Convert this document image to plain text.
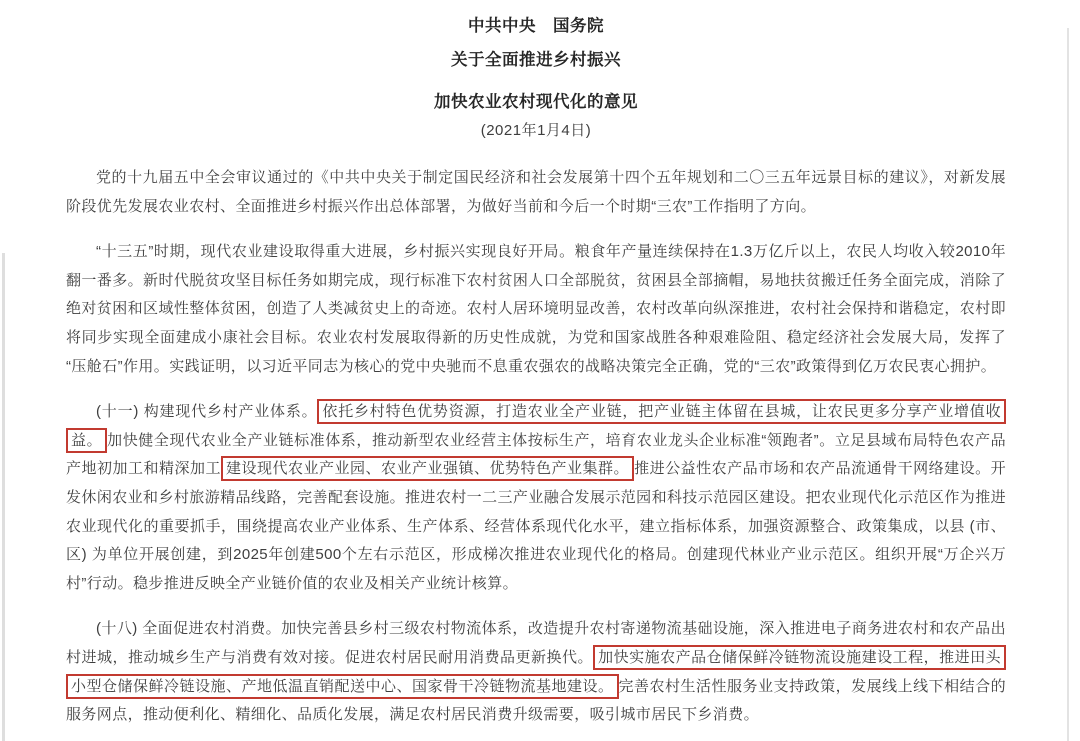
中共中央　国务院
关于全面推进乡村振兴
加快农业农村现代化的意见
(2021年1月4日)

党的十九届五中全会审议通过的《中共中央关于制定国民经济和社会发展第十四个五年规划和二〇三五年远景目标的建议》，对新发展阶段优先发展农业农村、全面推进乡村振兴作出总体部署，为做好当前和今后一个时期“三农”工作指明了方向。

“十三五”时期，现代农业建设取得重大进展，乡村振兴实现良好开局。粮食年产量连续保持在1.3万亿斤以上，农民人均收入较2010年翻一番多。新时代脱贫攻坚目标任务如期完成，现行标准下农村贫困人口全部脱贫，贫困县全部摘帽，易地扶贫搬迁任务全面完成，消除了绝对贫困和区域性整体贫困，创造了人类减贫史上的奇迹。农村人居环境明显改善，农村改革向纵深推进，农村社会保持和谐稳定，农村即将同步实现全面建成小康社会目标。农业农村发展取得新的历史性成就，为党和国家战胜各种艰难险阻、稳定经济社会发展大局，发挥了“压舱石”作用。实践证明，以习近平同志为核心的党中央驰而不息重农强农的战略决策完全正确，党的“三农”政策得到亿万农民衷心拥护。

(十一) 构建现代乡村产业体系。 依托乡村特色优势资源，打造农业全产业链，把产业链主体留在县城，让农民更多分享产业增值收益。 加快健全现代农业全产业链标准体系，推动新型农业经营主体按标生产，培育农业龙头企业标准“领跑者”。立足县域布局特色农产品产地初加工和精深加工 建设现代农业产业园、农业产业强镇、优势特色产业集群。 推进公益性农产品市场和农产品流通骨干网络建设。开发休闲农业和乡村旅游精品线路，完善配套设施。推进农村一二三产业融合发展示范园和科技示范园区建设。把农业现代化示范区作为推进农业现代化的重要抓手，围绕提高农业产业体系、生产体系、经营体系现代化水平，建立指标体系，加强资源整合、政策集成，以县 (市、区) 为单位开展创建，到2025年创建500个左右示范区，形成梯次推进农业现代化的格局。创建现代林业产业示范区。组织开展“万企兴万村”行动。稳步推进反映全产业链价值的农业及相关产业统计核算。

(十八) 全面促进农村消费。加快完善县乡村三级农村物流体系，改造提升农村寄递物流基础设施，深入推进电子商务进农村和农产品出村进城，推动城乡生产与消费有效对接。促进农村居民耐用消费品更新换代。 加快实施农产品仓储保鲜冷链物流设施建设工程，推进田头小型仓储保鲜冷链设施、产地低温直销配送中心、国家骨干冷链物流基地建设。 完善农村生活性服务业支持政策，发展线上线下相结合的服务网点，推动便利化、精细化、品质化发展，满足农村居民消费升级需要，吸引城市居民下乡消费。
